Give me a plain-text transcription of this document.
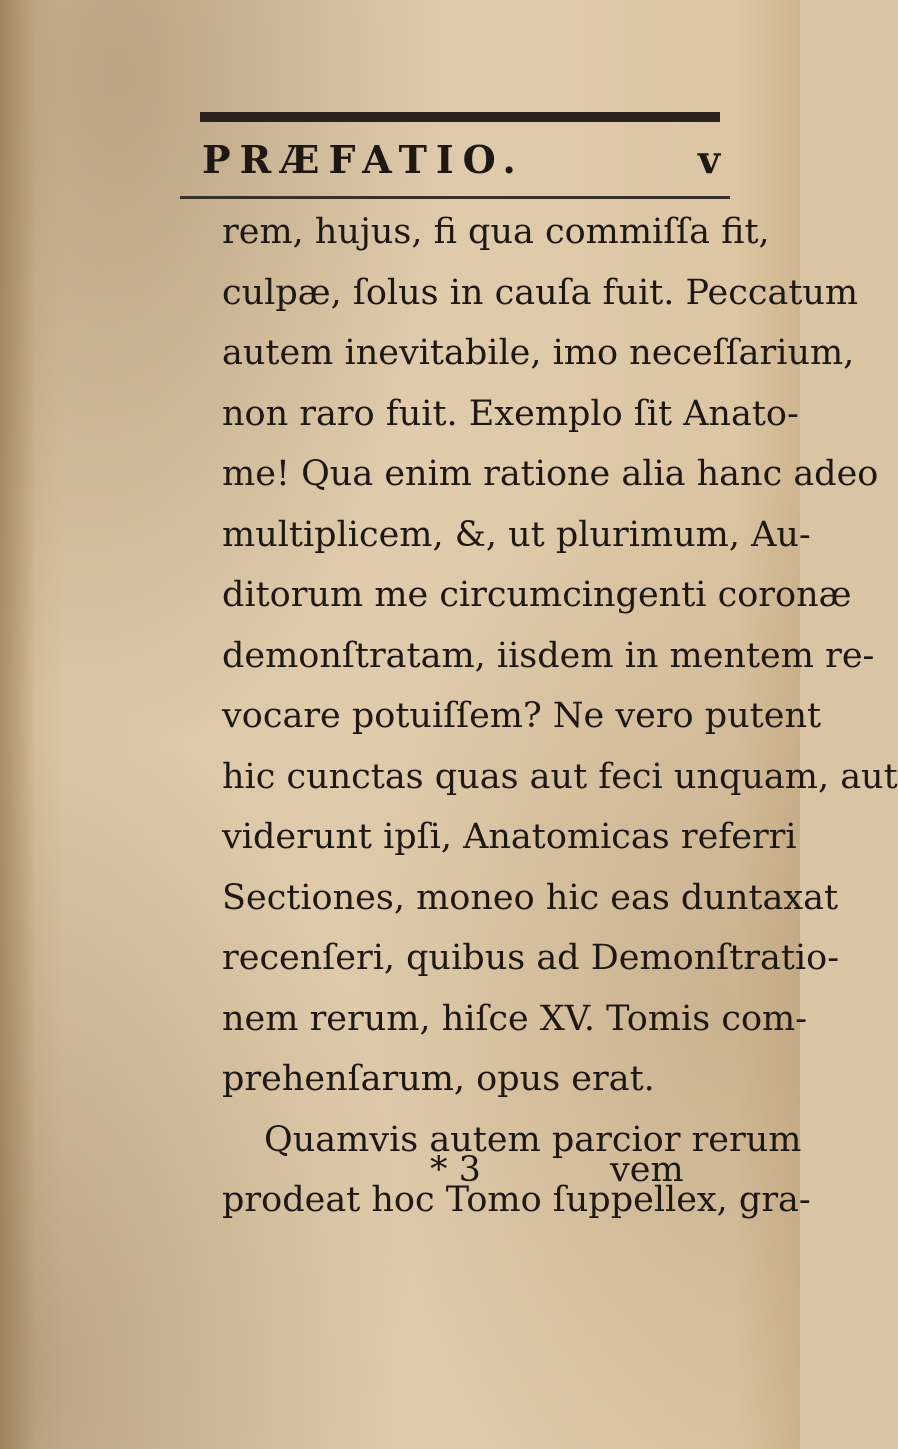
PRÆFATIO.	v
rem, hujus, fi qua commiſſa fit,
culpæ, ſolus in cauſa fuit. Peccatum
autem inevitabile, imo neceſſarium,
non raro fuit. Exemplo ſit Anato-
me! Qua enim ratione alia hanc adeo
multiplicem, &, ut plurimum, Au-
ditorum me circumcingenti coronæ
demonſtratam, iisdem in mentem re-
vocare potuiſſem? Ne vero putent
hic cunctas quas aut feci unquam, aut
viderunt ipſi, Anatomicas referri
Sectiones, moneo hic eas duntaxat
recenſeri, quibus ad Demonſtratio-
nem rerum, hiſce XV. Tomis com-
prehenſarum, opus erat.
Quamvis autem parcior rerum
prodeat hoc Tomo ſuppellex, gra-
* 3	vem
